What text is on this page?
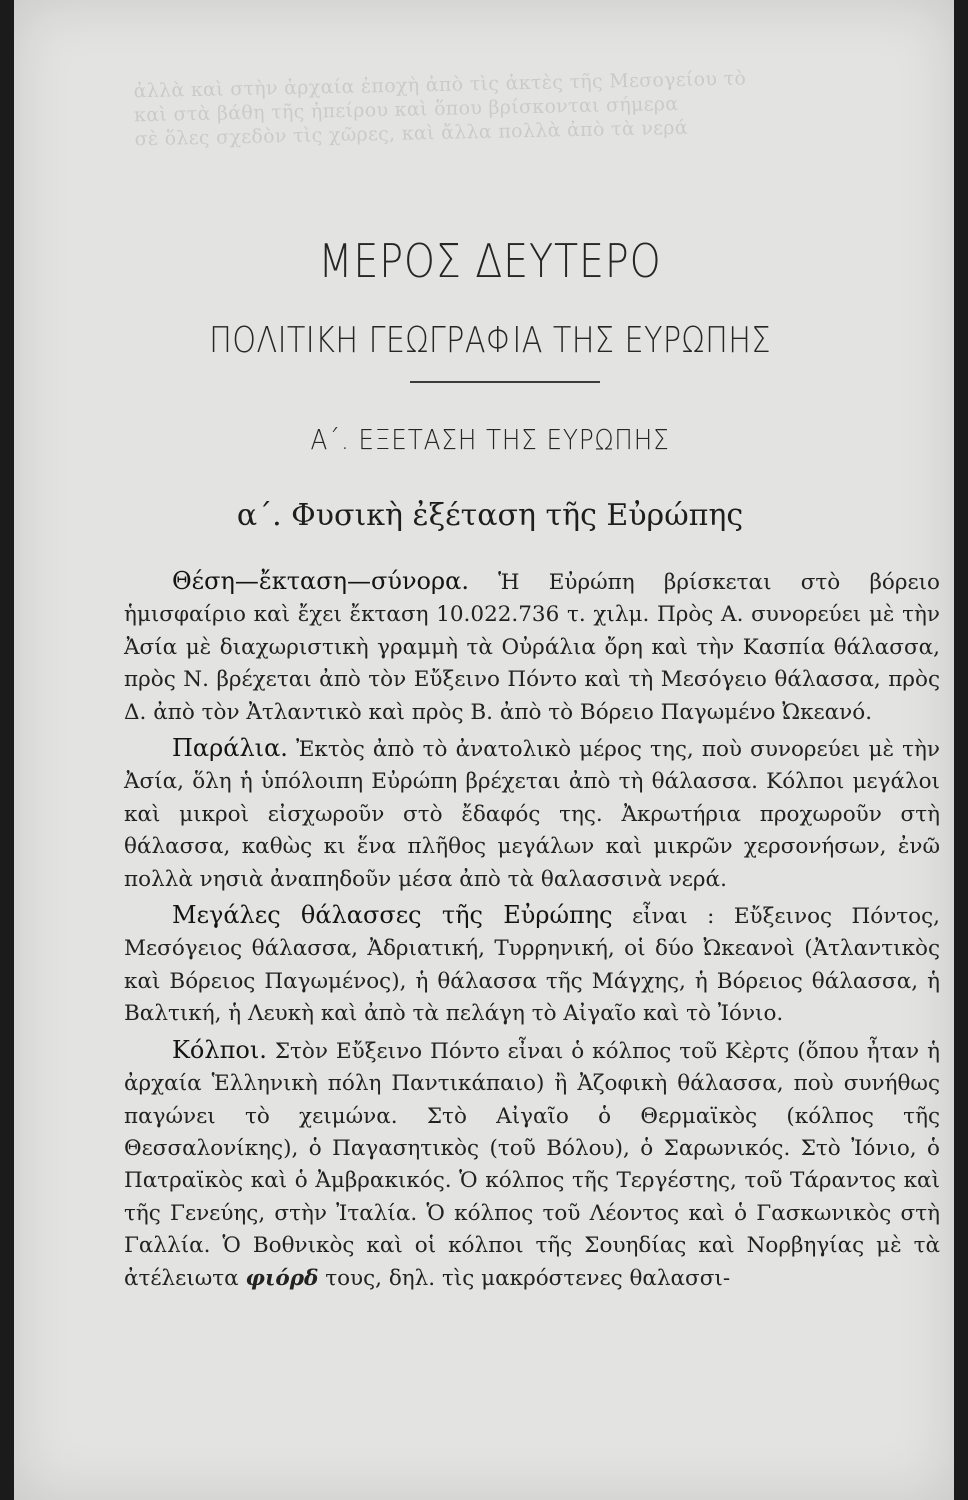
ἀλλὰ καὶ στὴν ἀρχαία ἐποχὴ ἀπὸ τὶς ἀκτὲς τῆς Μεσογείου τὸ
καὶ στὰ βάθη τῆς ἠπείρου καὶ ὅπου βρίσκονται σήμερα
σὲ ὅλες σχεδὸν τὶς χῶρες, καὶ ἄλλα πολλὰ ἀπὸ τὰ νερά
ΜΕΡΟΣ ΔΕΥΤΕΡΟ
ΠΟΛΙΤΙΚΗ ΓΕΩΓΡΑΦΙΑ ΤΗΣ ΕΥΡΩΠΗΣ
Α΄. ΕΞΕΤΑΣΗ ΤΗΣ ΕΥΡΩΠΗΣ
α΄. Φυσικὴ ἐξέταση τῆς Εὐρώπης

Θέση—ἔκταση—σύνορα. Ἡ Εὐρώπη βρίσκεται στὸ βόρειο ἡμισφαίριο καὶ ἔχει ἔκταση 10.022.736 τ. χιλμ. Πρὸς Α. συνορεύει μὲ τὴν Ἀσία μὲ διαχωριστικὴ γραμμὴ τὰ Οὐράλια ὄρη καὶ τὴν Κασπία θάλασσα, πρὸς Ν. βρέχεται ἀπὸ τὸν Εὔξεινο Πόντο καὶ τὴ Μεσόγειο θάλασσα, πρὸς Δ. ἀπὸ τὸν Ἀτλαντικὸ καὶ πρὸς Β. ἀπὸ τὸ Βόρειο Παγωμένο Ὠκεανό.

Παράλια. Ἐκτὸς ἀπὸ τὸ ἀνατολικὸ μέρος της, ποὺ συνορεύει μὲ τὴν Ἀσία, ὅλη ἡ ὑπόλοιπη Εὐρώπη βρέχεται ἀπὸ τὴ θάλασσα. Κόλποι μεγάλοι καὶ μικροὶ εἰσχωροῦν στὸ ἔδαφός της. Ἀκρωτήρια προχωροῦν στὴ θάλασσα, καθὼς κι ἕνα πλῆθος μεγάλων καὶ μικρῶν χερσονήσων, ἐνῶ πολλὰ νησιὰ ἀναπηδοῦν μέσα ἀπὸ τὰ θαλασσινὰ νερά.

Μεγάλες θάλασσες τῆς Εὐρώπης εἶναι : Εὔξεινος Πόντος, Μεσόγειος θάλασσα, Ἀδριατική, Τυρρηνική, οἱ δύο Ὠκεανοὶ (Ἀτλαντικὸς καὶ Βόρειος Παγωμένος), ἡ θάλασσα τῆς Μάγχης, ἡ Βόρειος θάλασσα, ἡ Βαλτική, ἡ Λευκὴ καὶ ἀπὸ τὰ πελάγη τὸ Αἰγαῖο καὶ τὸ Ἰόνιο.

Κόλποι. Στὸν Εὔξεινο Πόντο εἶναι ὁ κόλπος τοῦ Κὲρτς (ὅπου ἦταν ἡ ἀρχαία Ἑλληνικὴ πόλη Παντικάπαιο) ἢ Ἀζοφικὴ θάλασσα, ποὺ συνήθως παγώνει τὸ χειμώνα. Στὸ Αἰγαῖο ὁ Θερμαϊκὸς (κόλπος τῆς Θεσσαλονίκης), ὁ Παγασητικὸς (τοῦ Βόλου), ὁ Σαρωνικός. Στὸ Ἰόνιο, ὁ Πατραϊκὸς καὶ ὁ Ἀμβρακικός. Ὁ κόλπος τῆς Τεργέστης, τοῦ Τάραντος καὶ τῆς Γενεύης, στὴν Ἰταλία. Ὁ κόλπος τοῦ Λέοντος καὶ ὁ Γασκωνικὸς στὴ Γαλλία. Ὁ Βοθνικὸς καὶ οἱ κόλποι τῆς Σουηδίας καὶ Νορβηγίας μὲ τὰ ἀτέλειωτα φιόρδ τους, δηλ. τὶς μακρόστενες θαλασσι-
